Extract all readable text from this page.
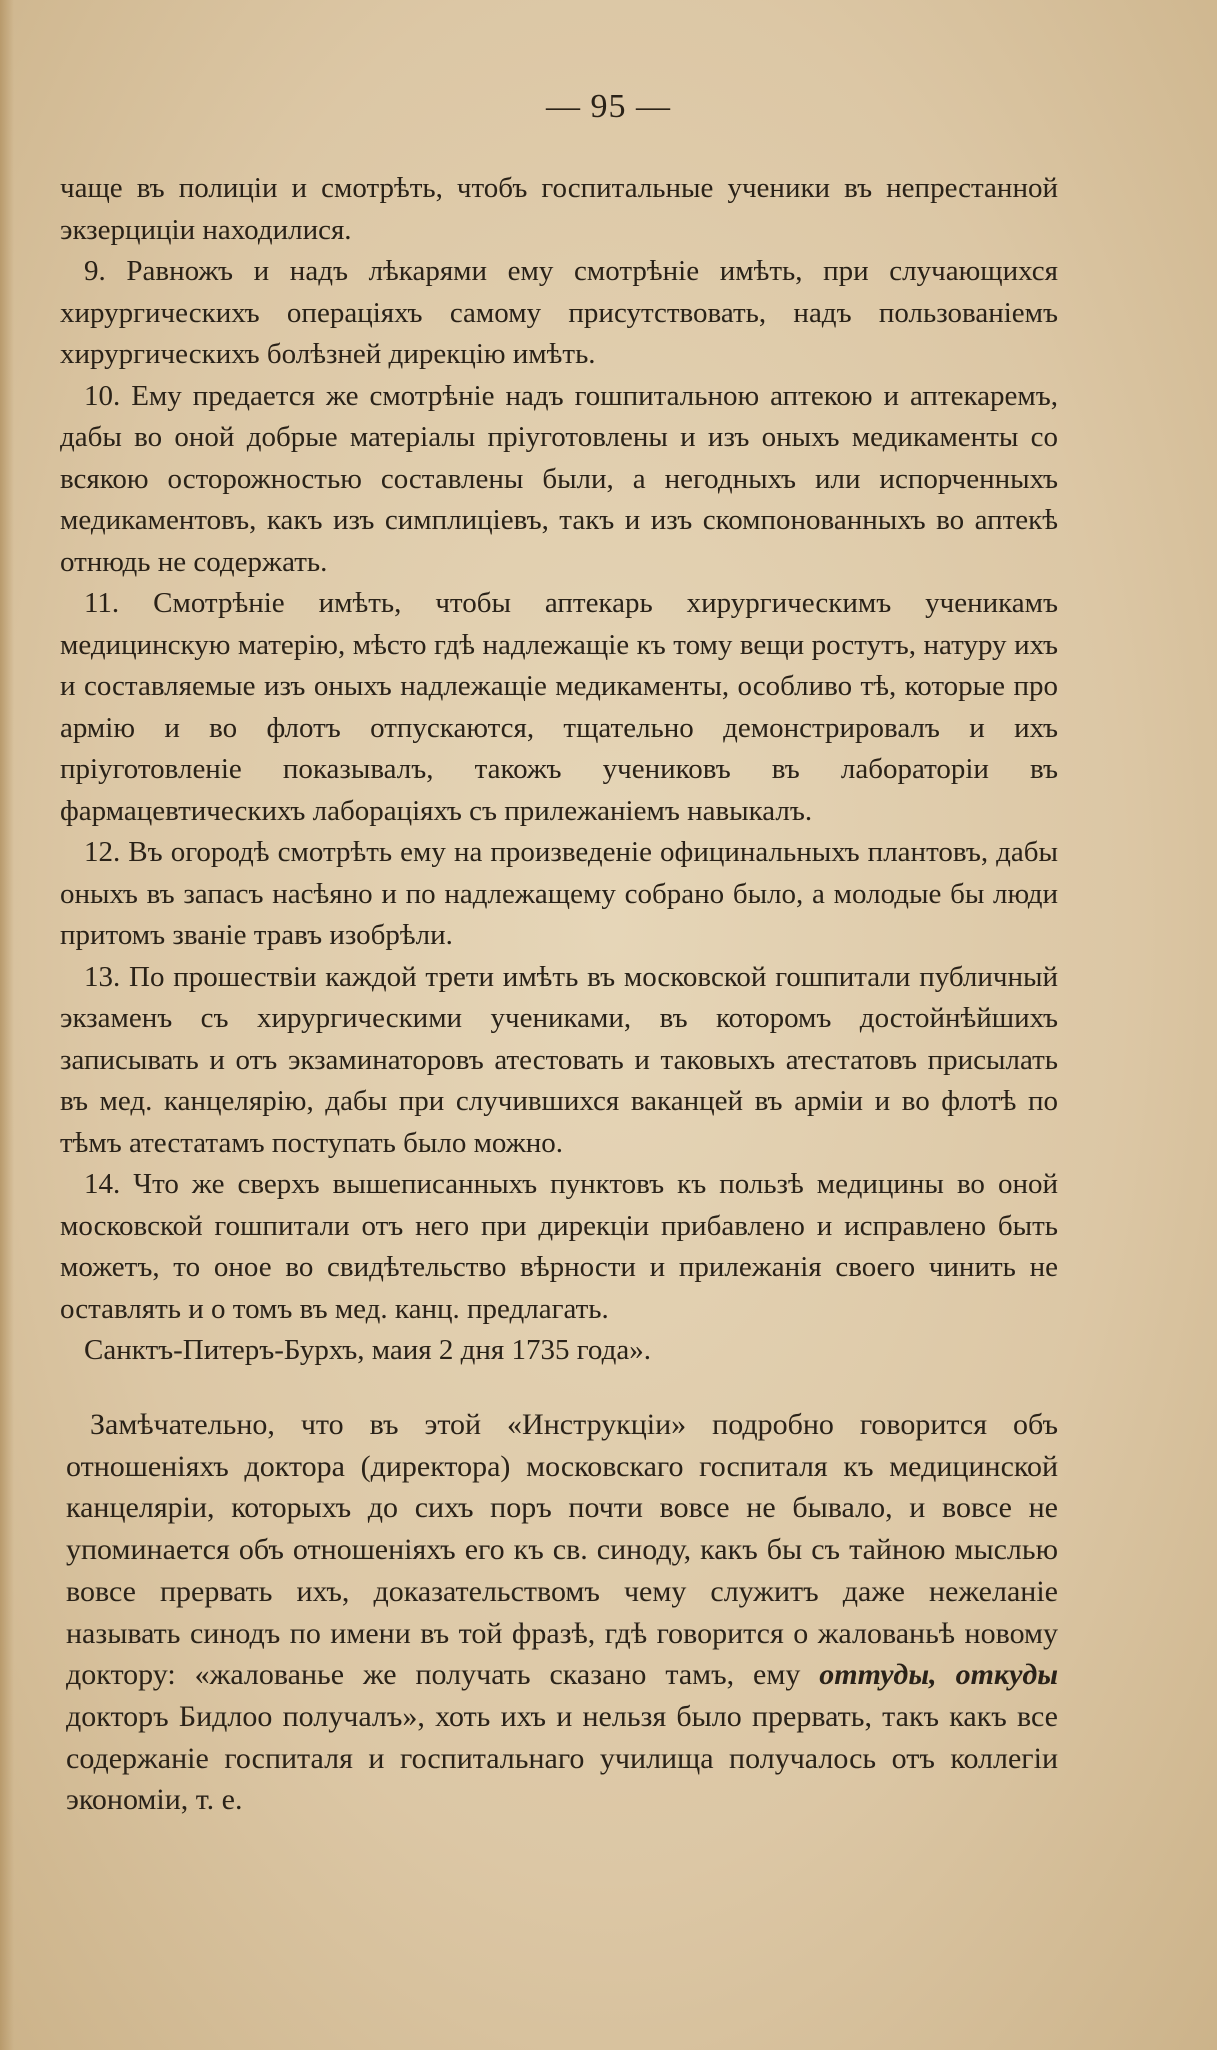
— 95 —

чаще въ полиціи и смотрѣть, чтобъ госпитальные ученики въ непрестанной экзерциціи находилися.

9. Равножъ и надъ лѣкарями ему смотрѣніе имѣть, при случающихся хирургическихъ операціяхъ самому присутствовать, надъ пользованіемъ хирургическихъ болѣзней дирекцію имѣть.

10. Ему предается же смотрѣніе надъ гошпитальною аптекою и аптекаремъ, дабы во оной добрые матеріалы пріуготовлены и изъ оныхъ медикаменты со всякою осторожностью составлены были, а негодныхъ или испорченныхъ медикаментовъ, какъ изъ симплиціевъ, такъ и изъ скомпонованныхъ во аптекѣ отнюдь не содержать.

11. Смотрѣніе имѣть, чтобы аптекарь хирургическимъ ученикамъ медицинскую матерію, мѣсто гдѣ надлежащіе къ тому вещи ростутъ, натуру ихъ и составляемые изъ оныхъ надлежащіе медикаменты, особливо тѣ, которые про армію и во флотъ отпускаются, тщательно демонстрировалъ и ихъ пріуготовленіе показывалъ, такожъ учениковъ въ лабораторіи въ фармацевтическихъ лабораціяхъ съ прилежаніемъ навыкалъ.

12. Въ огородѣ смотрѣть ему на произведеніе официнальныхъ плантовъ, дабы оныхъ въ запасъ насѣяно и по надлежащему собрано было, а молодые бы люди притомъ званіе травъ изобрѣли.

13. По прошествіи каждой трети имѣть въ московской гошпитали публичный экзаменъ съ хирургическими учениками, въ которомъ достойнѣйшихъ записывать и отъ экзаминаторовъ атестовать и таковыхъ атестатовъ присылать въ мед. канцелярію, дабы при случившихся ваканцей въ арміи и во флотѣ по тѣмъ атестатамъ поступать было можно.

14. Что же сверхъ вышеписанныхъ пунктовъ къ пользѣ медицины во оной московской гошпитали отъ него при дирекціи прибавлено и исправлено быть можетъ, то оное во свидѣтельство вѣрности и прилежанія своего чинить не оставлять и о томъ въ мед. канц. предлагать.

Санктъ-Питеръ-Бурхъ, маия 2 дня 1735 года».

Замѣчательно, что въ этой «Инструкціи» подробно говорится объ отношеніяхъ доктора (директора) московскаго госпиталя къ медицинской канцеляріи, которыхъ до сихъ поръ почти вовсе не бывало, и вовсе не упоминается объ отношеніяхъ его къ св. синоду, какъ бы съ тайною мыслью вовсе прервать ихъ, доказательствомъ чему служитъ даже нежеланіе называть синодъ по имени въ той фразѣ, гдѣ говорится о жалованьѣ новому доктору: «жалованье же получать сказано тамъ, ему оттуды, откуды докторъ Бидлоо получалъ», хоть ихъ и нельзя было прервать, такъ какъ все содержаніе госпиталя и госпитальнаго училища получалось отъ коллегіи экономіи, т. е.
